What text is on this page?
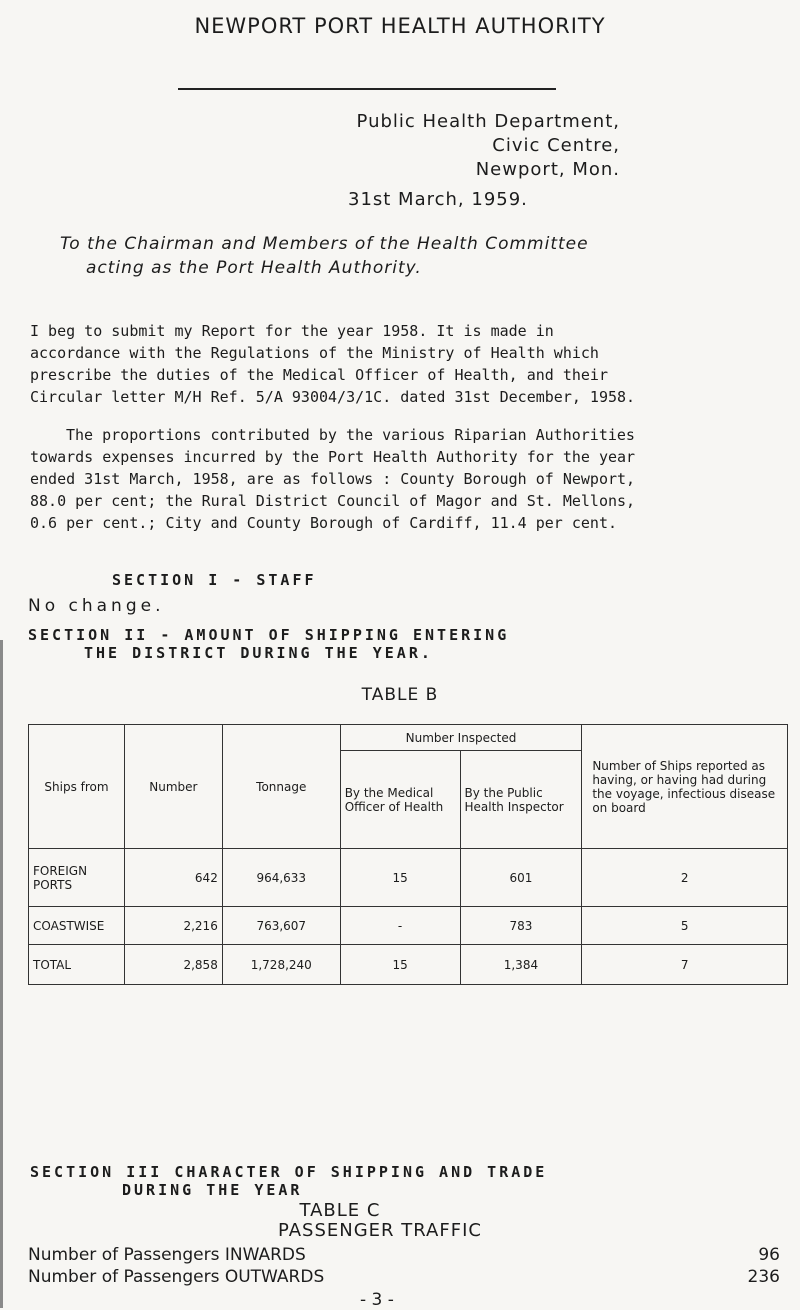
NEWPORT PORT HEALTH AUTHORITY
Public Health Department,
Civic Centre,
Newport, Mon.
31st March, 1959.
To the Chairman and Members of the Health Committee
acting as the Port Health Authority.
I beg to submit my Report for the year 1958. It is made in
accordance with the Regulations of the Ministry of Health which
prescribe the duties of the Medical Officer of Health, and their
Circular letter M/H Ref. 5/A 93004/3/1C. dated 31st December, 1958.
The proportions contributed by the various Riparian Authorities
towards expenses incurred by the Port Health Authority for the year
ended 31st March, 1958, are as follows : County Borough of Newport,
88.0 per cent; the Rural District Council of Magor and St. Mellons,
0.6 per cent.; City and County Borough of Cardiff, 11.4 per cent.
SECTION I - STAFF
No change.
SECTION II - AMOUNT OF SHIPPING ENTERING
THE DISTRICT DURING THE YEAR.
TABLE B
Ships from	Number	Tonnage	Number Inspected		Number of Ships reported as having, or having had during the voyage, infectious disease on board
			By the Medical Officer of Health	By the Public Health Inspector	
FOREIGN PORTS	642	964,633	15	601	2
COASTWISE	2,216	763,607	-	783	5
TOTAL	2,858	1,728,240	15	1,384	7
SECTION III CHARACTER OF SHIPPING AND TRADE
DURING THE YEAR
TABLE C
PASSENGER TRAFFIC
Number of Passengers INWARDS	96
Number of Passengers OUTWARDS	236
- 3 -
